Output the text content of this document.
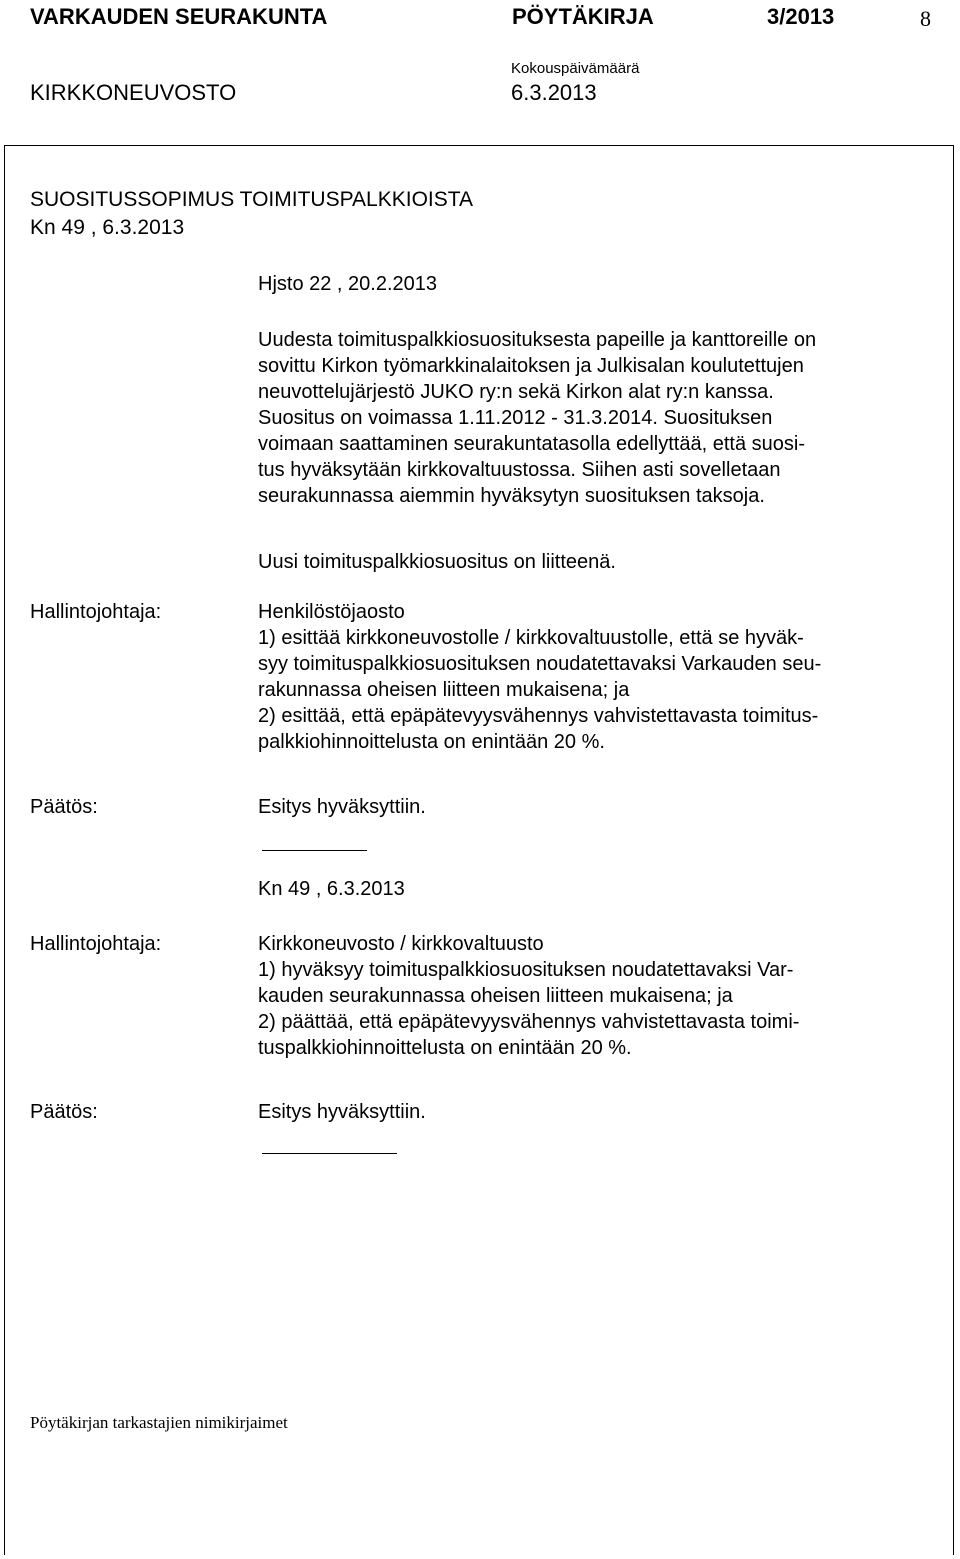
VARKAUDEN SEURAKUNTA	PÖYTÄKIRJA	3/2013	8
Kokouspäivämäärä
KIRKKONEUVOSTO	6.3.2013
SUOSITUSSOPIMUS TOIMITUSPALKKIOISTA
Kn 49 , 6.3.2013
Hjsto 22 , 20.2.2013
Uudesta toimituspalkkiosuosituksesta papeille ja kanttoreille on
sovittu Kirkon työmarkkinalaitoksen ja Julkisalan koulutettujen
neuvottelujärjestö JUKO ry:n sekä Kirkon alat ry:n kanssa.
Suositus on voimassa 1.11.2012 - 31.3.2014. Suosituksen
voimaan saattaminen seurakuntatasolla edellyttää, että suosi-
tus hyväksytään kirkkovaltuustossa. Siihen asti sovelletaan
seurakunnassa aiemmin hyväksytyn suosituksen taksoja.
Uusi toimituspalkkiosuositus on liitteenä.
Hallintojohtaja:	Henkilöstöjaosto
1) esittää kirkkoneuvostolle / kirkkovaltuustolle, että se hyväk-
syy toimituspalkkiosuosituksen noudatettavaksi Varkauden seu-
rakunnassa oheisen liitteen mukaisena; ja
2) esittää, että epäpätevyysvähennys vahvistettavasta toimitus-
palkkiohinnoittelusta on enintään 20 %.
Päätös:	Esitys hyväksyttiin.
Kn 49 , 6.3.2013
Hallintojohtaja:	Kirkkoneuvosto / kirkkovaltuusto
1) hyväksyy toimituspalkkiosuosituksen noudatettavaksi Var-
kauden seurakunnassa oheisen liitteen mukaisena; ja
2) päättää, että epäpätevyysvähennys vahvistettavasta toimi-
tuspalkkiohinnoittelusta on enintään 20 %.
Päätös:	Esitys hyväksyttiin.
Pöytäkirjan tarkastajien nimikirjaimet
